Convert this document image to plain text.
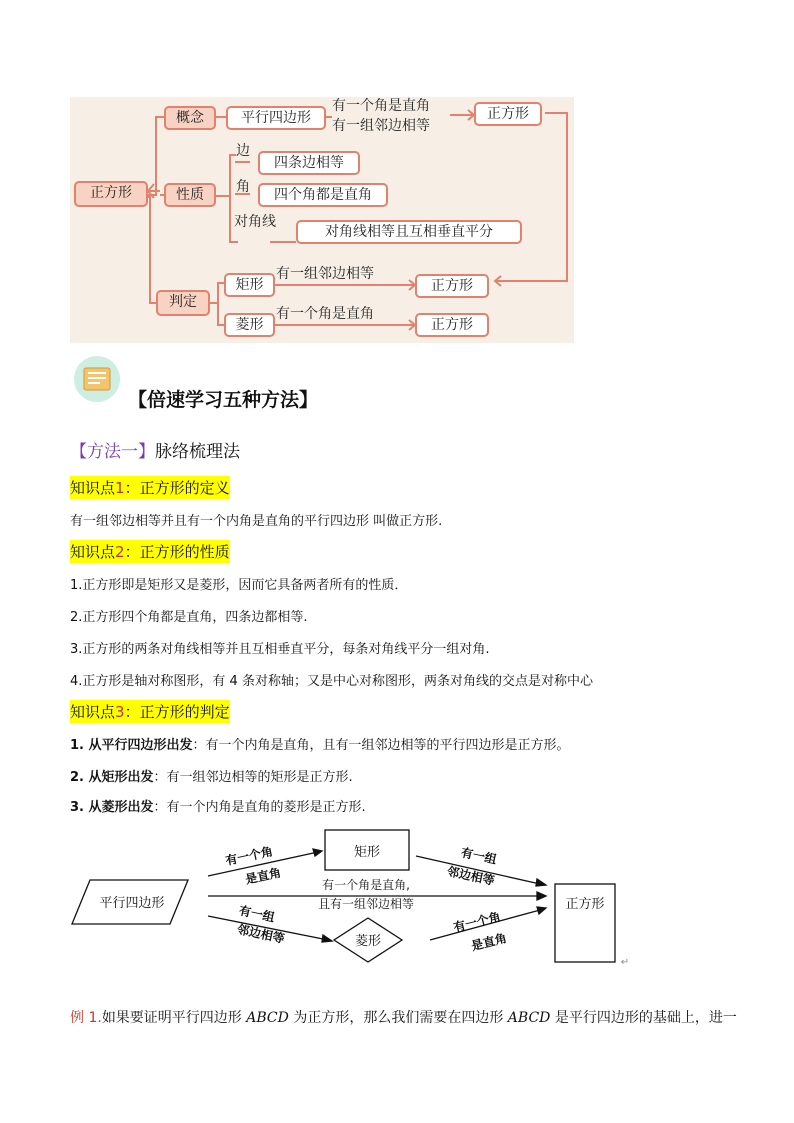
正方形
概念	平行四边形
有一个角是直角
有一组邻边相等
正方形
性质
边
四条边相等
角	四个角都是直角
对角线
对角线相等且互相垂直平分
判定
矩形
有一组邻边相等
正方形
菱形
有一个角是直角
正方形
【倍速学习五种方法】
【方法一】脉络梳理法
知识点1：正方形的定义
有一组邻边相等并且有一个内角是直角的平行四边形 叫做正方形.
知识点2：正方形的性质
1.正方形即是矩形又是菱形，因而它具备两者所有的性质．
2.正方形四个角都是直角，四条边都相等.
3.正方形的两条对角线相等并且互相垂直平分，每条对角线平分一组对角.
4.正方形是轴对称图形，有 4 条对称轴；又是中心对称图形，两条对角线的交点是对称中心
知识点3：正方形的判定
1. 从平行四边形出发：有一个内角是直角，且有一组邻边相等的平行四边形是正方形。
2. 从矩形出发：有一组邻边相等的矩形是正方形.
3. 从菱形出发：有一个内角是直角的菱形是正方形.
矩形
平行四边形
菱形
正方形
有一个角
是直角	有一个角是直角,
且有一组邻边相等
有一组
邻边相等
有一组
邻边相等
有一个角
是直角
↵
例 1.如果要证明平行四边形 ABCD 为正方形，那么我们需要在四边形 ABCD 是平行四边形的基础上，进一
